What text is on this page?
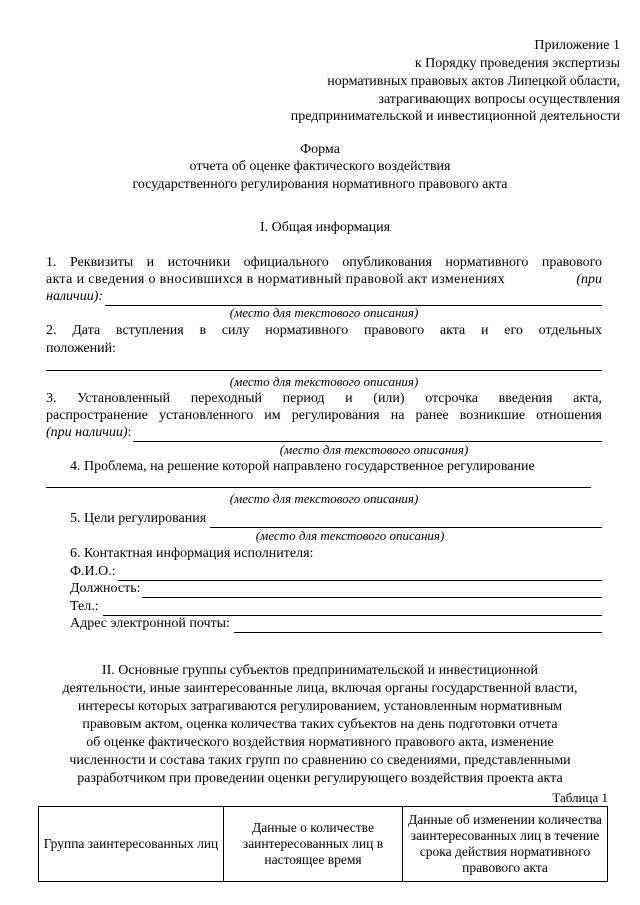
Приложение 1
к Порядку проведения экспертизы
нормативных правовых актов Липецкой области,
затрагивающих вопросы осуществления
предпринимательской и инвестиционной деятельности
Форма
отчета об оценке фактического воздействия
государственного регулирования нормативного правового акта
I. Общая информация
1. Реквизиты и источники официального опубликования нормативного правового
акта и сведения о вносившихся в нормативный правовой акт изменениях	(при
наличии):
(место для текстового описания)
2. Дата вступления в силу нормативного правового акта и его отдельных
положений:
(место для текстового описания)
3. Установленный переходный период и (или) отсрочка введения акта,
распространение установленного им регулирования на ранее возникшие отношения
(при наличии) :
(место для текстового описания)
4. Проблема, на решение которой направлено государственное регулирование
(место для текстового описания)
5. Цели регулирования
(место для текстового описания)
6. Контактная информация исполнителя:
Ф.И.О.:
Должность:
Тел.:
Адрес электронной почты:
II. Основные группы субъектов предпринимательской и инвестиционной
деятельности, иные заинтересованные лица, включая органы государственной власти,
интересы которых затрагиваются регулированием, установленным нормативным
правовым актом, оценка количества таких субъектов на день подготовки отчета
об оценке фактического воздействия нормативного правового акта, изменение
численности и состава таких групп по сравнению со сведениями, представленными
разработчиком при проведении оценки регулирующего воздействия проекта акта
Таблица 1
Группа заинтересованных лиц	Данные о количестве заинтересованных лиц в настоящее время	Данные об изменении количества заинтересованных лиц в течение срока действия нормативного правового акта
